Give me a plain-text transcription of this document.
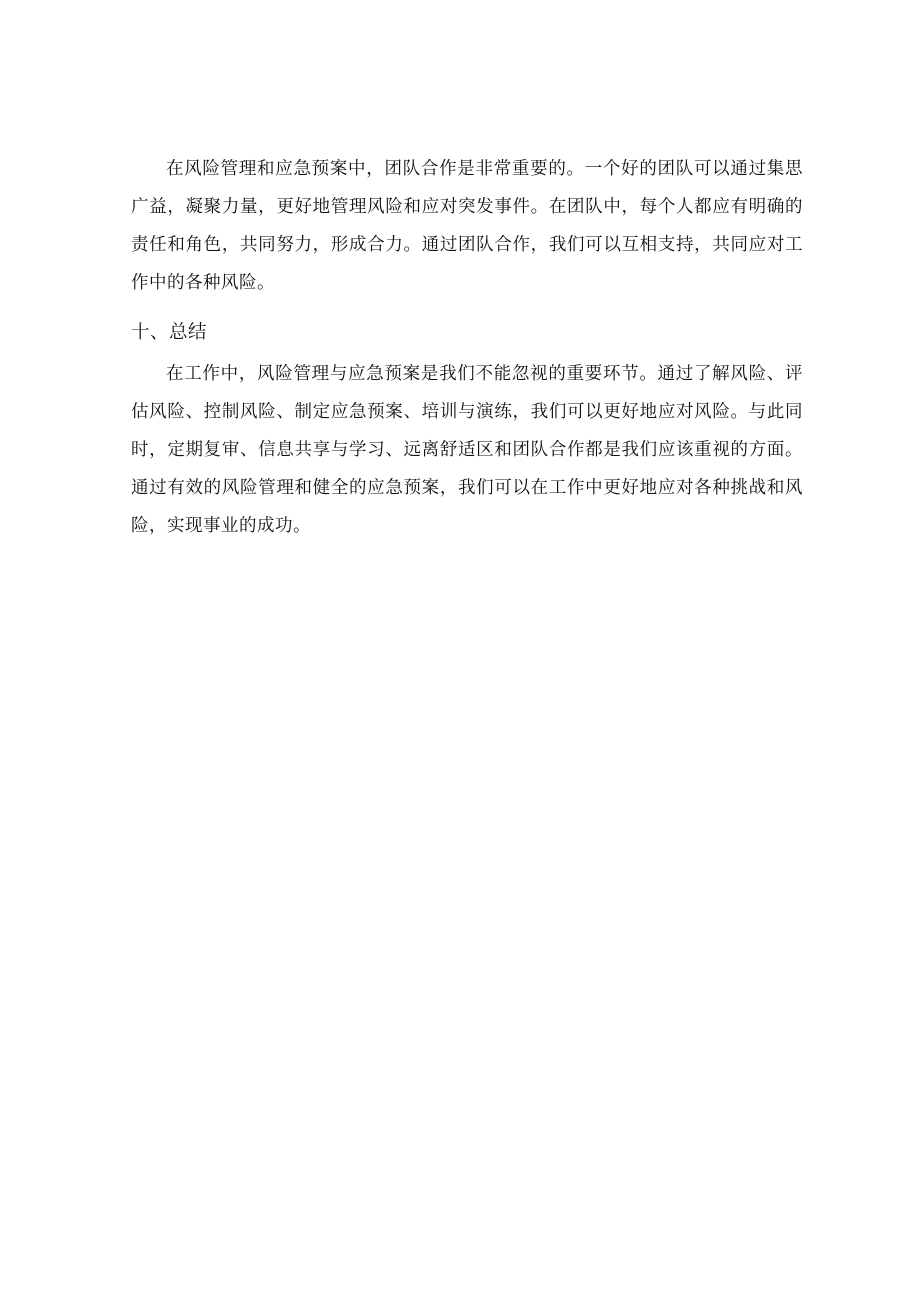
在风险管理和应急预案中，团队合作是非常重要的。一个好的团队可以通过集思广益，凝聚力量，更好地管理风险和应对突发事件。在团队中，每个人都应有明确的责任和角色，共同努力，形成合力。通过团队合作，我们可以互相支持，共同应对工作中的各种风险。

十、总结

在工作中，风险管理与应急预案是我们不能忽视的重要环节。通过了解风险、评估风险、控制风险、制定应急预案、培训与演练，我们可以更好地应对风险。与此同时，定期复审、信息共享与学习、远离舒适区和团队合作都是我们应该重视的方面。通过有效的风险管理和健全的应急预案，我们可以在工作中更好地应对各种挑战和风险，实现事业的成功。
